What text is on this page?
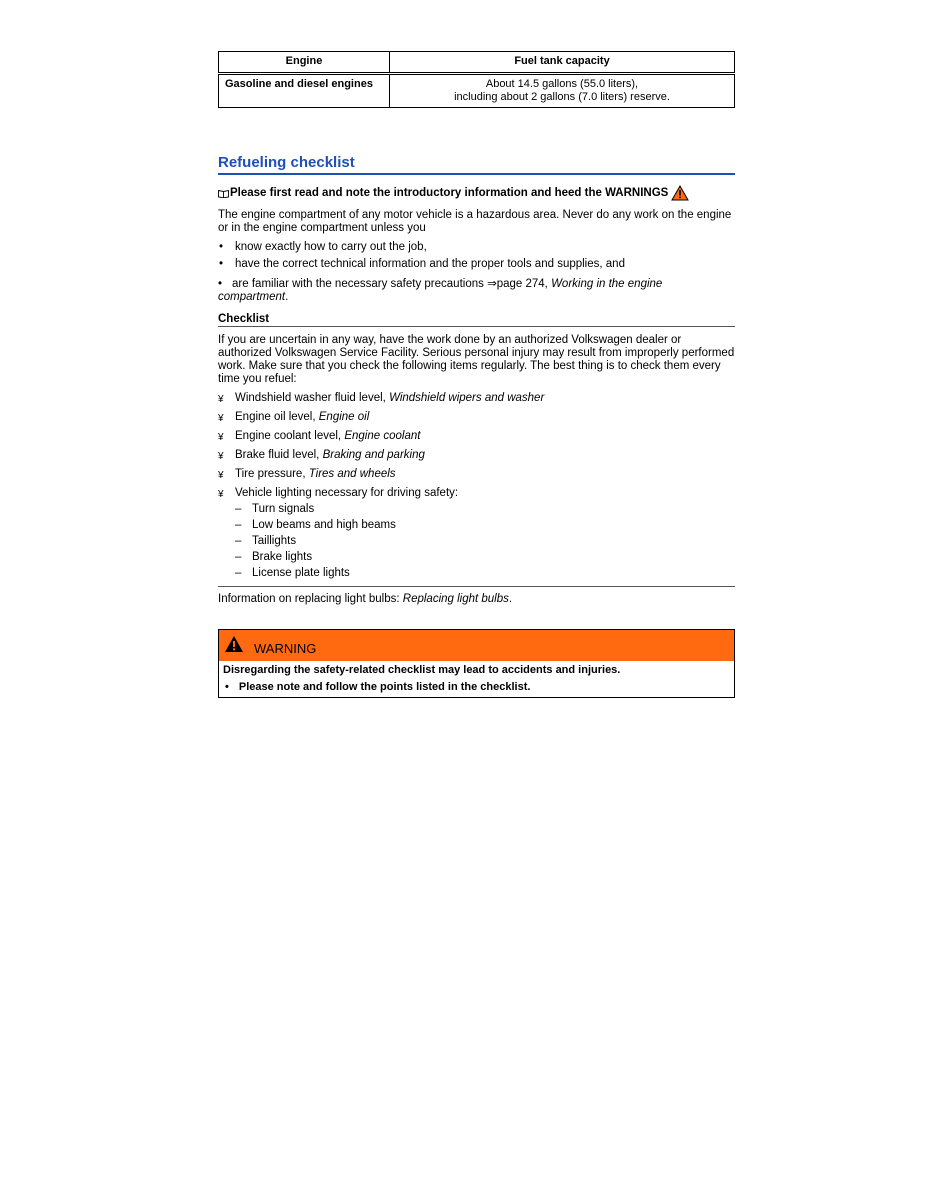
Engine	Fuel tank capacity
Gasoline and diesel engines	About 14.5 gallons (55.0 liters),
including about 2 gallons (7.0 liters) reserve.
Refueling checklist
Please first read and note the introductory information and heed the WARNINGS

The engine compartment of any motor vehicle is a hazardous area. Never do any work on the engine or in the engine compartment unless you

• know exactly how to carry out the job,
• have the correct technical information and the proper tools and supplies, and
• are familiar with the necessary safety precautions ⇒page 274, Working in the engine compartment.
Checklist

If you are uncertain in any way, have the work done by an authorized Volkswagen dealer or authorized Volkswagen Service Facility. Serious personal injury may result from improperly performed work. Make sure that you check the following items regularly. The best thing is to check them every time you refuel:

¥ Windshield washer fluid level, Windshield wipers and washer
¥ Engine oil level, Engine oil
¥ Engine coolant level, Engine coolant
¥ Brake fluid level, Braking and parking
¥ Tire pressure, Tires and wheels
¥ Vehicle lighting necessary for driving safety:
– Turn signals
– Low beams and high beams
– Taillights
– Brake lights
– License plate lights

Information on replacing light bulbs: Replacing light bulbs.

WARNING

Disregarding the safety-related checklist may lead to accidents and injuries.

• Please note and follow the points listed in the checklist.
